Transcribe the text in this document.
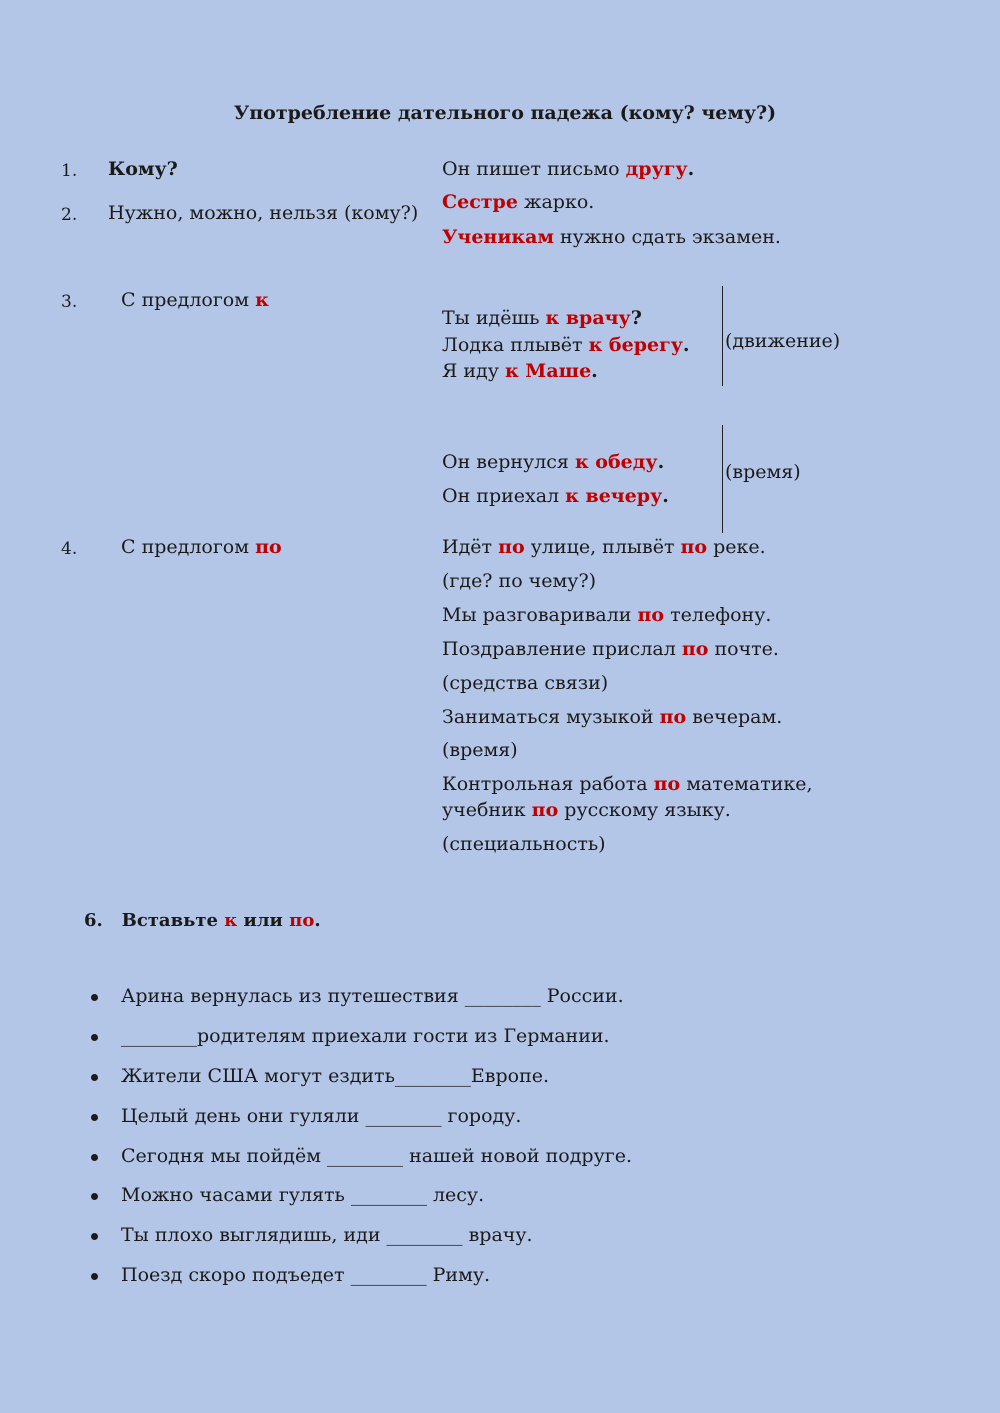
Употребление дательного падежа (кому? чему?)
1. Кому?	Он пишет письмо другу.
2. Нужно, можно, нельзя (кому?) Сестре жарко.
Ученикам нужно сдать экзамен.
3. С предлогом к
Ты идёшь к врачу?
Лодка плывёт к берегу.
Я иду к Маше.
(движение)
Он вернулся к обеду.
Он приехал к вечеру.
(время)
4. С предлогом по	Идёт по улице, плывёт по реке.
(где? по чему?)
Мы разговаривали по телефону.
Поздравление прислал по почте.
(средства связи)
Заниматься музыкой по вечерам.
(время)
Контрольная работа по математике,
учебник по русскому языку.
(специальность)
6. Вставьте к или по.
Арина вернулась из путешествия ________ России.
________родителям приехали гости из Германии.
Жители США могут ездить________Европе.
Целый день они гуляли ________ городу.
Сегодня мы пойдём ________ нашей новой подруге.
Можно часами гулять ________ лесу.
Ты плохо выглядишь, иди ________ врачу.
Поезд скоро подъедет ________ Риму.
